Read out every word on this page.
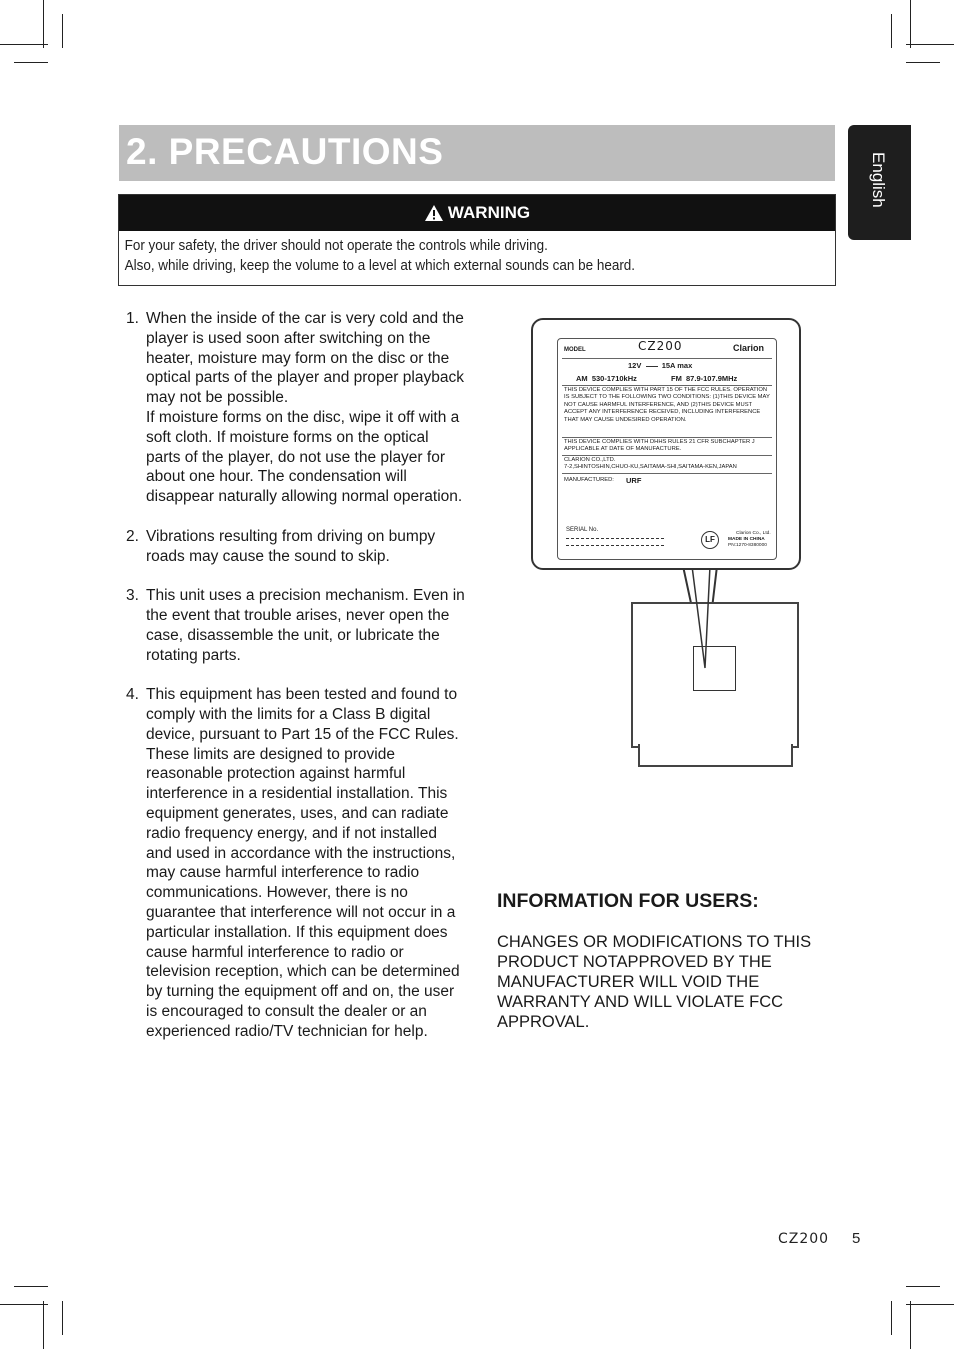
2. PRECAUTIONS
English
WARNING
For your safety, the driver should not operate the controls while driving.
Also, while driving, keep the volume to a level at which external sounds can be heard.
1. When the inside of the car is very cold and the player is used soon after switching on the heater, moisture may form on the disc or the optical parts of the player and proper playback may not be possible.

If moisture forms on the disc, wipe it off with a soft cloth. If moisture forms on the optical parts of the player, do not use the player for about one hour. The condensation will disappear naturally allowing normal operation.

2. Vibrations resulting from driving on bumpy roads may cause the sound to skip.

3. This unit uses a precision mechanism. Even in the event that trouble arises, never open the case, disassemble the unit, or lubricate the rotating parts.

4. This equipment has been tested and found to comply with the limits for a Class B digital device, pursuant to Part 15 of the FCC Rules.

These limits are designed to provide reasonable protection against harmful interference in a residential installation. This equipment generates, uses, and can radiate radio frequency energy, and if not installed and used in accordance with the instructions, may cause harmful interference to radio communications. However, there is no guarantee that interference will not occur in a particular installation. If this equipment does cause harmful interference to radio or television reception, which can be determined by turning the equipment off and on, the user is encouraged to consult the dealer or an experienced radio/TV technician for help.

MODEL	CZ200	Clarion
12V	15A max
AM 530-1710kHz	FM 87.9-107.9MHz
THIS DEVICE COMPLIES WITH PART 15 OF THE FCC RULES. OPERATION IS SUBJECT TO THE FOLLOWING TWO CONDITIONS: (1)THIS DEVICE MAY NOT CAUSE HARMFUL INTERFERENCE, AND (2)THIS DEVICE MUST ACCEPT ANY INTERFERENCE RECEIVED, INCLUDING INTERFERENCE THAT MAY CAUSE UNDESIRED OPERATION.
THIS DEVICE COMPLIES WITH DHHS RULES 21 CFR SUBCHAPTER J APPLICABLE AT DATE OF MANUFACTURE.
CLARION CO.,LTD.
7-2,SHINTOSHIN,CHUO-KU,SAITAMA-SHI,SAITAMA-KEN,JAPAN
MANUFACTURED: URF
SERIAL No.
LF
Clarion Co., Ltd.
MADE IN CHINA
PN:1270-8380000
INFORMATION FOR USERS:
CHANGES OR MODIFICATIONS TO THIS PRODUCT NOTAPPROVED BY THE MANUFACTURER WILL VOID THE WARRANTY AND WILL VIOLATE FCC APPROVAL.
CZ200 5
